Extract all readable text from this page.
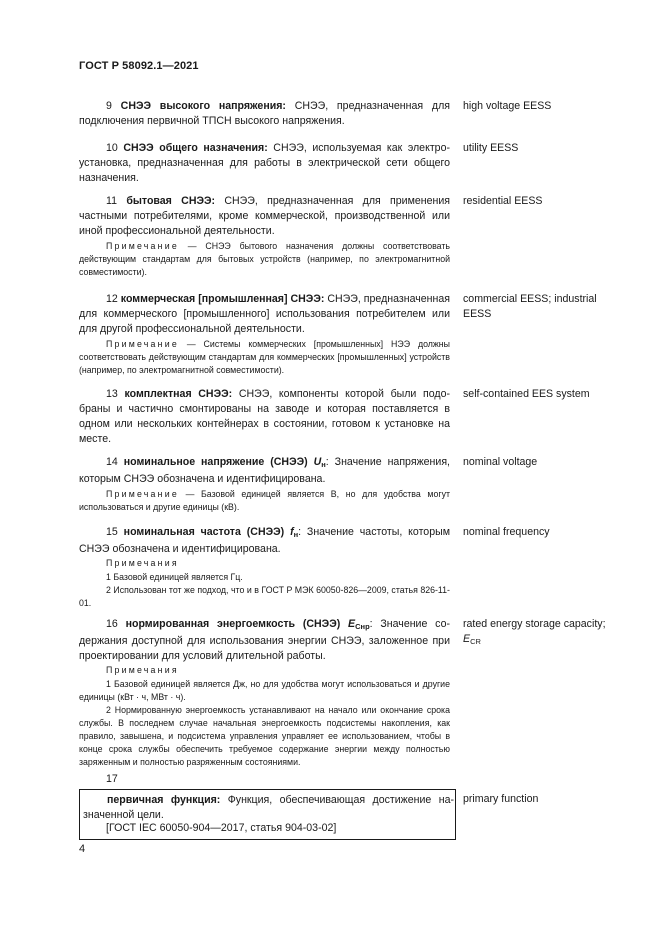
ГОСТ Р 58092.1—2021
9 СНЭЭ высокого напряжения: СНЭЭ, предназначенная для подключения первичной ТПСН высокого напряжения.
high voltage EESS
10 СНЭЭ общего назначения: СНЭЭ, используемая как электроустановка, предназначенная для работы в электрической сети общего назначения.
utility EESS
11 бытовая СНЭЭ: СНЭЭ, предназначенная для применения частными потребителями, кроме коммерческой, производственной или иной профессиональной деятельности.
residential EESS
Примечание — СНЭЭ бытового назначения должны соответствовать действующим стандартам для бытовых устройств (например, по электромагнитной совместимости).
12 коммерческая [промышленная] СНЭЭ: СНЭЭ, предназначенная для коммерческого [промышленного] использования потребителем или для другой профессиональной деятельности.
commercial EESS; industrial EESS
Примечание — Системы коммерческих [промышленных] НЭЭ должны соответствовать действующим стандартам для коммерческих [промышленных] устройств (например, по электромагнитной совместимости).
13 комплектная СНЭЭ: СНЭЭ, компоненты которой были подобраны и частично смонтированы на заводе и которая поставляется в одном или нескольких контейнерах в состоянии, готовом к установке на месте.
self-contained EES system
14 номинальное напряжение (СНЭЭ) $U_н$: Значение напряжения, которым СНЭЭ обозначена и идентифицирована.
nominal voltage
Примечание — Базовой единицей является В, но для удобства могут использоваться и другие единицы (кВ).
15 номинальная частота (СНЭЭ) $f_н$: Значение частоты, которым СНЭЭ обозначена и идентифицирована.
nominal frequency
Примечания
1 Базовой единицей является Гц.
2 Использован тот же подход, что и в ГОСТ Р МЭК 60050-826—2009, статья 826-11-01.
16 нормированная энергоемкость (СНЭЭ) $E_{Снр}$: Значение содержания доступной для использования энергии СНЭЭ, заложенное при проектировании для условий длительной работы.
rated energy storage capacity;
$E_{CR}$
Примечания
1 Базовой единицей является Дж, но для удобства могут использоваться и другие единицы (кВт · ч, МВт · ч).
2 Нормированную энергоемкость устанавливают на начало или окончание срока службы. В последнем случае начальная энергоемкость подсистемы накопления, как правило, завышена, и подсистема управления управляет ее использованием, чтобы в конце срока службы обеспечить требуемое содержание энергии между полностью заряженным и полностью разряженным состояниями.
17
первичная функция: Функция, обеспечивающая достижение назначенной цели.
[ГОСТ IEC 60050-904—2017, статья 904-03-02]
primary function
4
